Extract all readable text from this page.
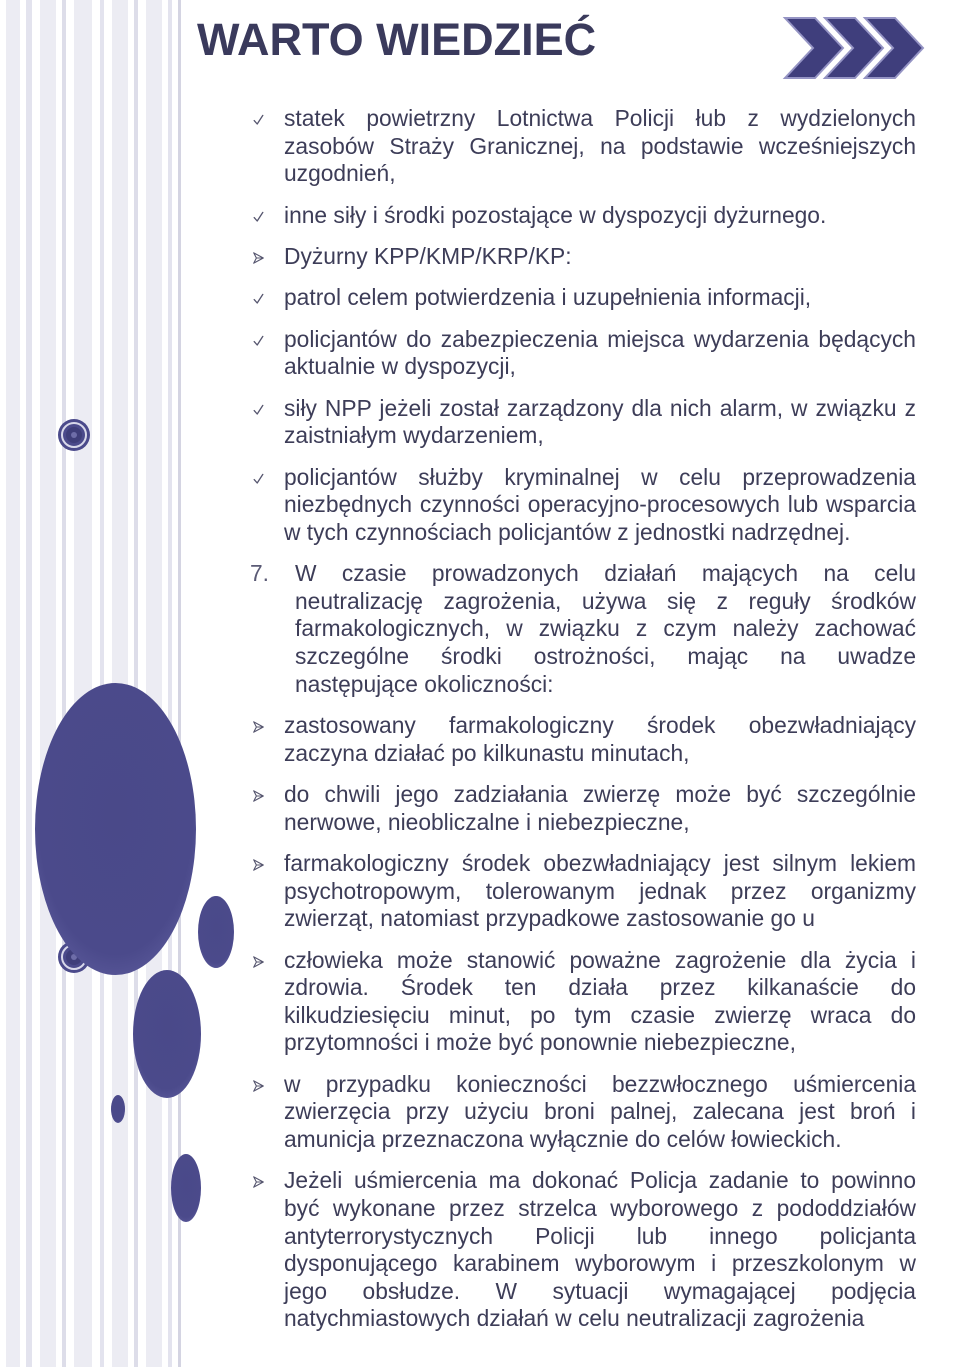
WARTO WIEDZIEĆ
statek powietrzny Lotnictwa Policji łub z wydzielonych
zasobów Straży Granicznej, na podstawie wcześniejszych
uzgodnień,
inne siły i środki pozostające w dyspozycji dyżurnego.
Dyżurny KPP/KMP/KRP/KP:
patrol celem potwierdzenia i uzupełnienia informacji,
policjantów do zabezpieczenia miejsca wydarzenia będących
aktualnie w dyspozycji,
siły NPP jeżeli został zarządzony dla nich alarm, w związku z
zaistniałym wydarzeniem,
policjantów służby kryminalnej w celu przeprowadzenia
niezbędnych czynności operacyjno-procesowych lub wsparcia
w tych czynnościach policjantów z jednostki nadrzędnej.
7. W czasie prowadzonych działań mających na celu
neutralizację zagrożenia, używa się z reguły środków
farmakologicznych, w związku z czym należy zachować
szczególne środki ostrożności, mając na uwadze
następujące okoliczności:
zastosowany farmakologiczny środek obezwładniający
zaczyna działać po kilkunastu minutach,
do chwili jego zadziałania zwierzę może być szczególnie
nerwowe, nieobliczalne i niebezpieczne,
farmakologiczny środek obezwładniający jest silnym lekiem
psychotropowym, tolerowanym jednak przez organizmy
zwierząt, natomiast przypadkowe zastosowanie go u
człowieka może stanowić poważne zagrożenie dla życia i
zdrowia. Środek ten działa przez kilkanaście do
kilkudziesięciu minut, po tym czasie zwierzę wraca do
przytomności i może być ponownie niebezpieczne,
w przypadku konieczności bezzwłocznego uśmiercenia
zwierzęcia przy użyciu broni palnej, zalecana jest broń i
amunicja przeznaczona wyłącznie do celów łowieckich.
Jeżeli uśmiercenia ma dokonać Policja zadanie to powinno
być wykonane przez strzelca wyborowego z pododdziałów
antyterrorystycznych Policji lub innego policjanta
dysponującego karabinem wyborowym i przeszkolonym w
jego obsłudze. W sytuacji wymagającej podjęcia
natychmiastowych działań w celu neutralizacji zagrożenia
